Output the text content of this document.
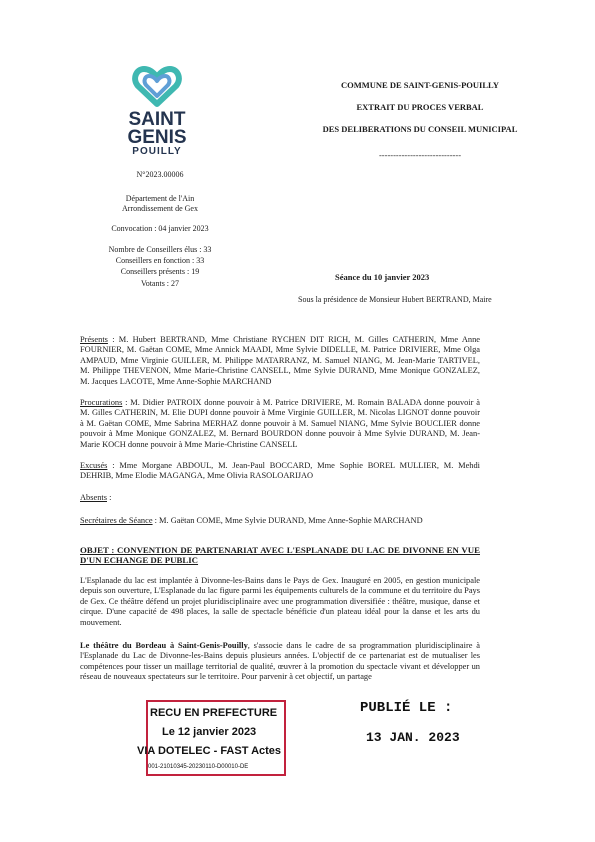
SAINT
GENIS
POUILLY
N°2023.00006
Département de l'Ain
Arrondissement de Gex
Convocation : 04 janvier 2023
Nombre de Conseillers élus : 33
Conseillers en fonction : 33
Conseillers présents : 19
Votants : 27
COMMUNE DE SAINT-GENIS-POUILLY
EXTRAIT DU PROCES VERBAL
DES DELIBERATIONS DU CONSEIL MUNICIPAL
-----------------------------
Séance du 10 janvier 2023
Sous la présidence de Monsieur Hubert BERTRAND, Maire
Présents : M. Hubert BERTRAND, Mme Christiane RYCHEN DIT RICH, M. Gilles CATHERIN, Mme Anne FOURNIER, M. Gaëtan COME, Mme Annick MAADI, Mme Sylvie DIDELLE, M. Patrice DRIVIERE, Mme Olga AMPAUD, Mme Virginie GUILLER, M. Philippe MATARRANZ, M. Samuel NIANG, M. Jean-Marie TARTIVEL, M. Philippe THEVENON, Mme Marie-Christine CANSELL, Mme Sylvie DURAND, Mme Monique GONZALEZ, M. Jacques LACOTE, Mme Anne-Sophie MARCHAND
Procurations : M. Didier PATROIX donne pouvoir à M. Patrice DRIVIERE, M. Romain BALADA donne pouvoir à M. Gilles CATHERIN, M. Elie DUPI donne pouvoir à Mme Virginie GUILLER, M. Nicolas LIGNOT donne pouvoir à M. Gaëtan COME, Mme Sabrina MERHAZ donne pouvoir à M. Samuel NIANG, Mme Sylvie BOUCLIER donne pouvoir à Mme Monique GONZALEZ, M. Bernard BOURDON donne pouvoir à Mme Sylvie DURAND, M. Jean-Marie KOCH donne pouvoir à Mme Marie-Christine CANSELL
Excusés : Mme Morgane ABDOUL, M. Jean-Paul BOCCARD, Mme Sophie BOREL MULLIER, M. Mehdi DEHRIB, Mme Elodie MAGANGA, Mme Olivia RASOLOARIJAO
Absents :
Secrétaires de Séance : M. Gaëtan COME, Mme Sylvie DURAND, Mme Anne-Sophie MARCHAND
OBJET : CONVENTION DE PARTENARIAT AVEC L'ESPLANADE DU LAC DE DIVONNE EN VUE D'UN ECHANGE DE PUBLIC
L'Esplanade du lac est implantée à Divonne-les-Bains dans le Pays de Gex. Inauguré en 2005, en gestion municipale depuis son ouverture, L'Esplanade du lac figure parmi les équipements culturels de la commune et du territoire du Pays de Gex. Ce théâtre défend un projet pluridisciplinaire avec une programmation diversifiée : théâtre, musique, danse et cirque. D'une capacité de 498 places, la salle de spectacle bénéficie d'un plateau idéal pour la danse et les arts du mouvement.
Le théâtre du Bordeau à Saint-Genis-Pouilly, s'associe dans le cadre de sa programmation pluridisciplinaire à l'Esplanade du Lac de Divonne-les-Bains depuis plusieurs années. L'objectif de ce partenariat est de mutualiser les compétences pour tisser un maillage territorial de qualité, œuvrer à la promotion du spectacle vivant et développer un réseau de nouveaux spectateurs sur le territoire. Pour parvenir à cet objectif, un partage
RECU EN PREFECTURE
Le 12 janvier 2023
VIA DOTELEC - FAST Actes
001-21010345-20230110-D00010-DE
PUBLIÉ LE :
13 JAN. 2023
